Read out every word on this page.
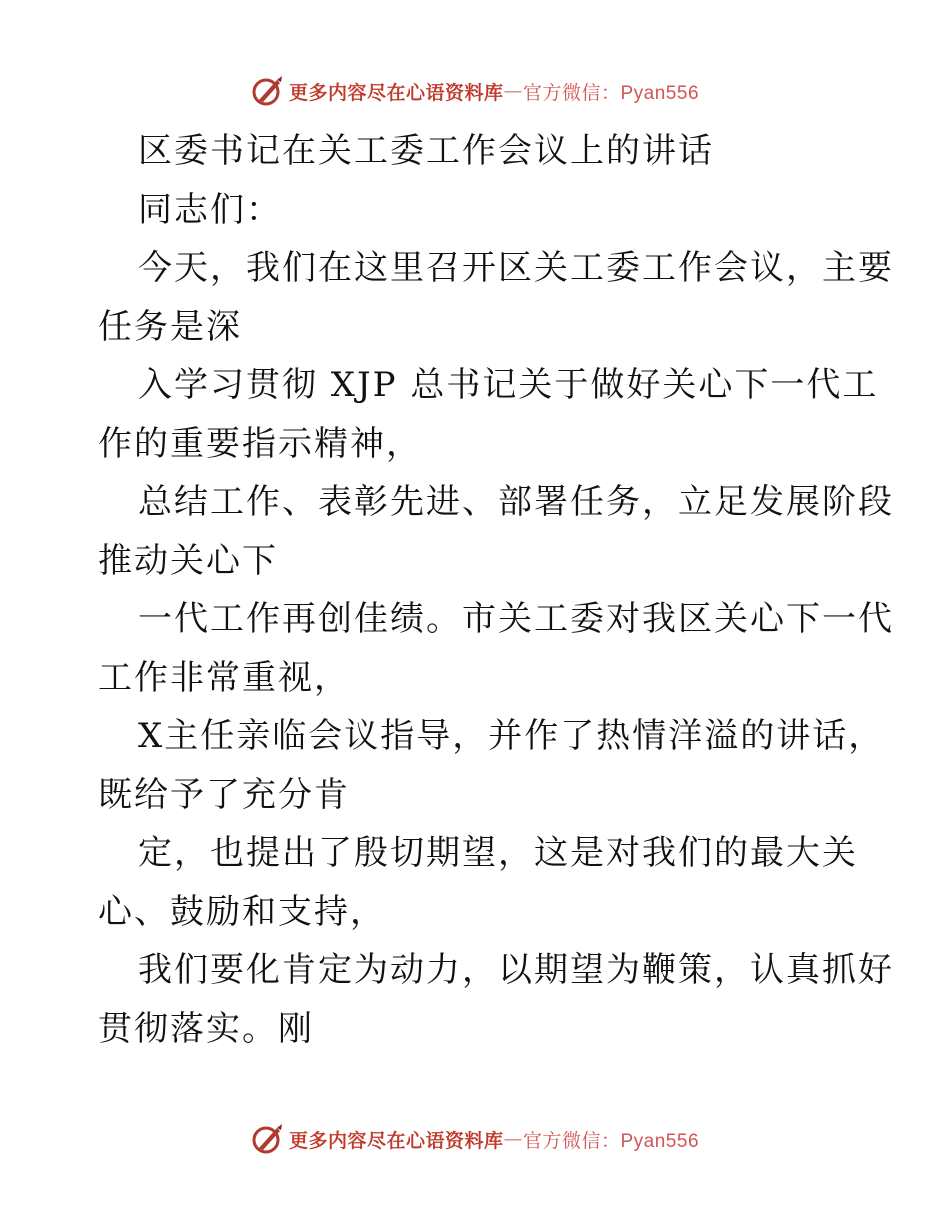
更多内容尽在心语资料库 — 官方微信：Pyan556
区委书记在关工委工作会议上的讲话
同志们：
今天，我们在这里召开区关工委工作会议，主要
任务是深
入学习贯彻 XJP 总书记关于做好关心下一代工
作的重要指示精神，
总结工作、表彰先进、部署任务，立足发展阶段
推动关心下
一代工作再创佳绩。市关工委对我区关心下一代
工作非常重视，
X主任亲临会议指导，并作了热情洋溢的讲话，
既给予了充分肯
定，也提出了殷切期望，这是对我们的最大关
心、鼓励和支持，
我们要化肯定为动力，以期望为鞭策，认真抓好
贯彻落实。刚
更多内容尽在心语资料库 — 官方微信：Pyan556
